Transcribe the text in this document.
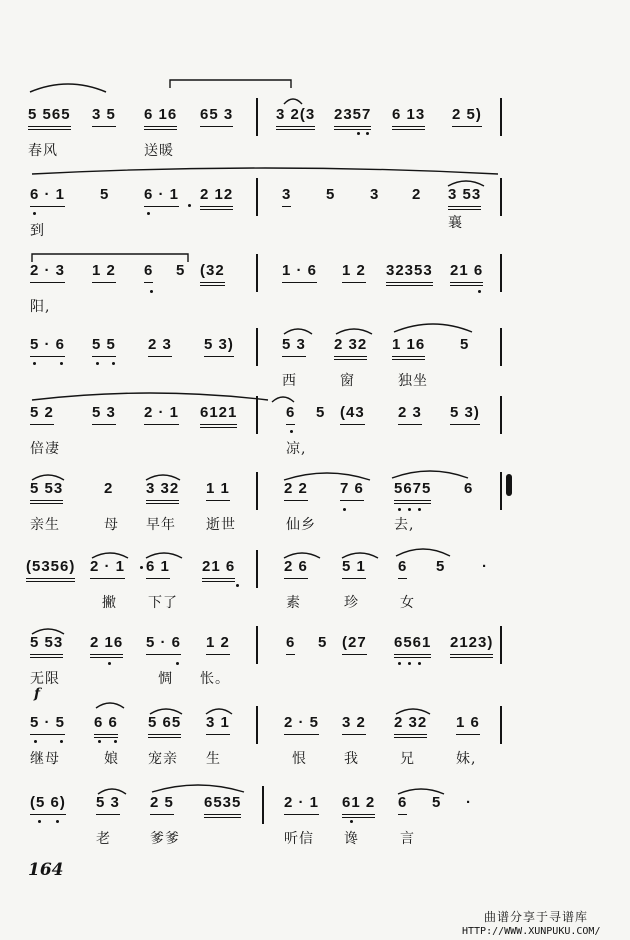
5 565 3 5 6 16 65 3	3 2(3 2357 6 13 2 5)
春风	送暖
6 · 1 5 6 · 1 2 12	3 5 3 2 3 53
到	襄
2 · 3 1 2 6 5 (32	1 · 6 1 2 32353 21 6
阳,
5 · 6 5 5 2 3 5 3)	5 3 2 32 1 16 5
西	窗	独坐
5 2	5 3 2 · 1 6121	6 5 (43 2 3 5 3)
倍凄	凉,
5 53	2 3 32 1 1	2 2 7 6 5675 6
亲生	母 早年 逝世	仙乡	去,
(5356) 2 · 1 6 1 21 6	2 6 5 1 6 5 ·
撇 下了	素	珍	女
5 53 2 16 5 · 6 1 2	6 5 (27 6561 2123)
无限	惆 怅。
f
5 · 5 6 6 5 65 3 1	2 · 5 3 2 2 32 1 6
继母	娘 宠亲 生	恨	我	兄	妹,
(5 6) 5 3 2 5 6535	2 · 1 61 2 6 5 ·
老	爹爹	听信 谗	言
164
曲谱分享于寻谱库
HTTP://WWW.XUNPUKU.COM/
